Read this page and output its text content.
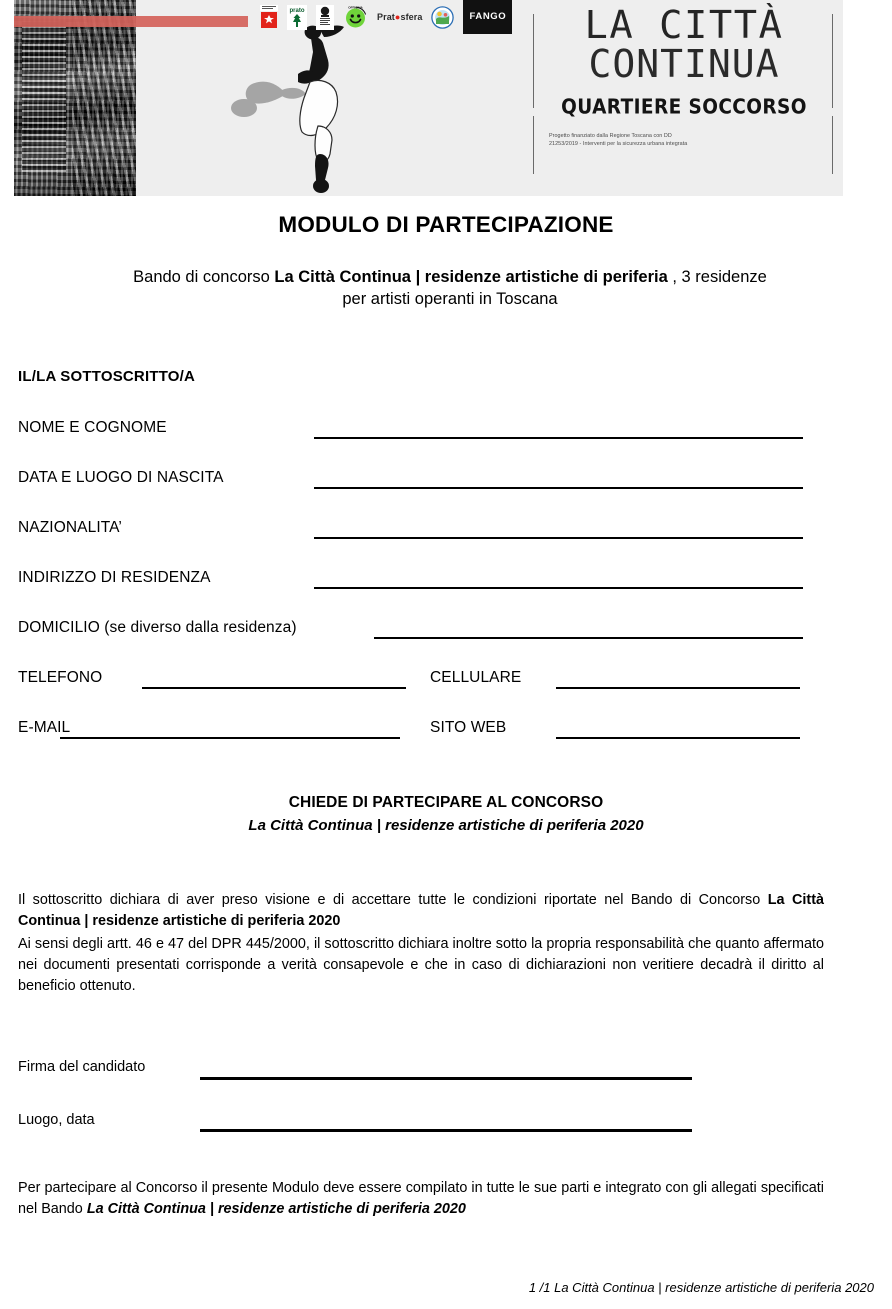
prato
OFFICINA
Prat ● sfera	FANGO	LA CITTÀ
CONTINUA
QUARTIERE SOCCORSO
Progetto finanziato dalla Regione Toscana con DD
21253/2019 - Interventi per la sicurezza urbana integrata
MODULO DI PARTECIPAZIONE
Bando di concorso La Città Continua | residenze artistiche di periferia , 3 residenze per artisti operanti in Toscana
IL/LA SOTTOSCRITTO/A
NOME E COGNOME
DATA E LUOGO DI NASCITA
NAZIONALITA’
INDIRIZZO DI RESIDENZA
DOMICILIO (se diverso dalla residenza)
TELEFONO	CELLULARE
E-MAIL	SITO WEB
CHIEDE DI PARTECIPARE AL CONCORSO
La Città Continua | residenze artistiche di periferia 2020
Il sottoscritto dichiara di aver preso visione e di accettare tutte le condizioni riportate nel Bando di Concorso La Città Continua | residenze artistiche di periferia 2020
Ai sensi degli artt. 46 e 47 del DPR 445/2000, il sottoscritto dichiara inoltre sotto la propria responsabilità che quanto affermato nei documenti presentati corrisponde a verità consapevole e che in caso di dichiarazioni non veritiere decadrà il diritto al beneficio ottenuto.
Firma del candidato
Luogo, data
Per partecipare al Concorso il presente Modulo deve essere compilato in tutte le sue parti e integrato con gli allegati specificati nel Bando La Città Continua | residenze artistiche di periferia 2020
1 /1 La Città Continua | residenze artistiche di periferia 2020
